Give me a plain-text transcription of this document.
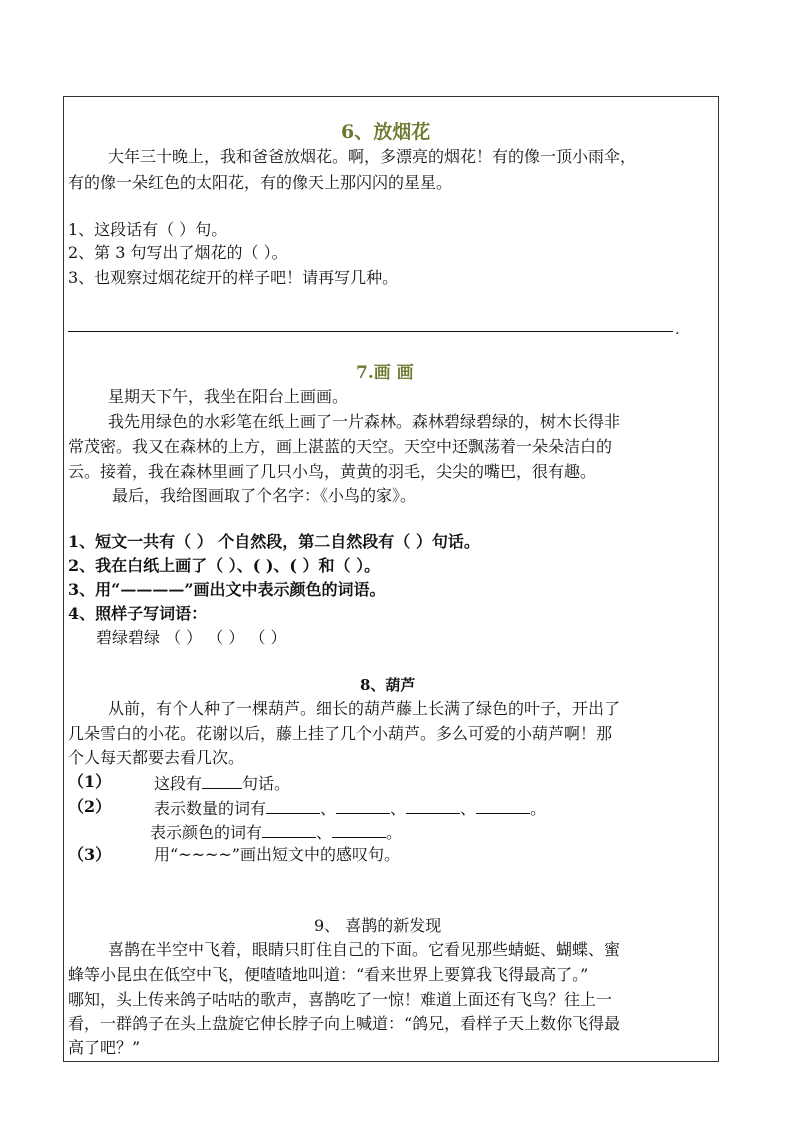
6、放烟花
大年三十晚上，我和爸爸放烟花。啊，多漂亮的烟花！有的像一顶小雨伞，
有的像一朵红色的太阳花，有的像天上那闪闪的星星。
1、这段话有（ ）句。
2、第 3 句写出了烟花的（ ）。
3、也观察过烟花绽开的样子吧！请再写几种。
.
7.画 画
星期天下午，我坐在阳台上画画。
我先用绿色的水彩笔在纸上画了一片森林。森林碧绿碧绿的，树木长得非
常茂密。我又在森林的上方，画上湛蓝的天空。天空中还飘荡着一朵朵洁白的
云。接着，我在森林里画了几只小鸟，黄黄的羽毛，尖尖的嘴巴，很有趣。
最后，我给图画取了个名字：《小鸟的家》。
1、短文一共有（ ） 个自然段，第二自然段有（ ）句话。
2、我在白纸上画了（ ）、( )、( ）和（ ）。
3、用“————”画出文中表示颜色的词语。
4、照样子写词语：
碧绿碧绿 （ ） （ ） （ ）
8、葫芦
从前，有个人种了一棵葫芦。细长的葫芦藤上长满了绿色的叶子，开出了
几朵雪白的小花。花谢以后，藤上挂了几个小葫芦。多么可爱的小葫芦啊！那
个人每天都要去看几次。
（1）	这段有	句话。
（2）	表示数量的词有	、	、	、	。
表示颜色的词有	、	。
（3）	用“~~~~”画出短文中的感叹句。
9、 喜鹊的新发现
喜鹊在半空中飞着，眼睛只盯住自己的下面。它看见那些蜻蜓、蝴蝶、蜜
蜂等小昆虫在低空中飞，便喳喳地叫道：“看来世界上要算我飞得最高了。”
哪知，头上传来鸽子咕咕的歌声，喜鹊吃了一惊！难道上面还有飞鸟？往上一
看，一群鸽子在头上盘旋它伸长脖子向上喊道：“鸽兄，看样子天上数你飞得最
高了吧？”
